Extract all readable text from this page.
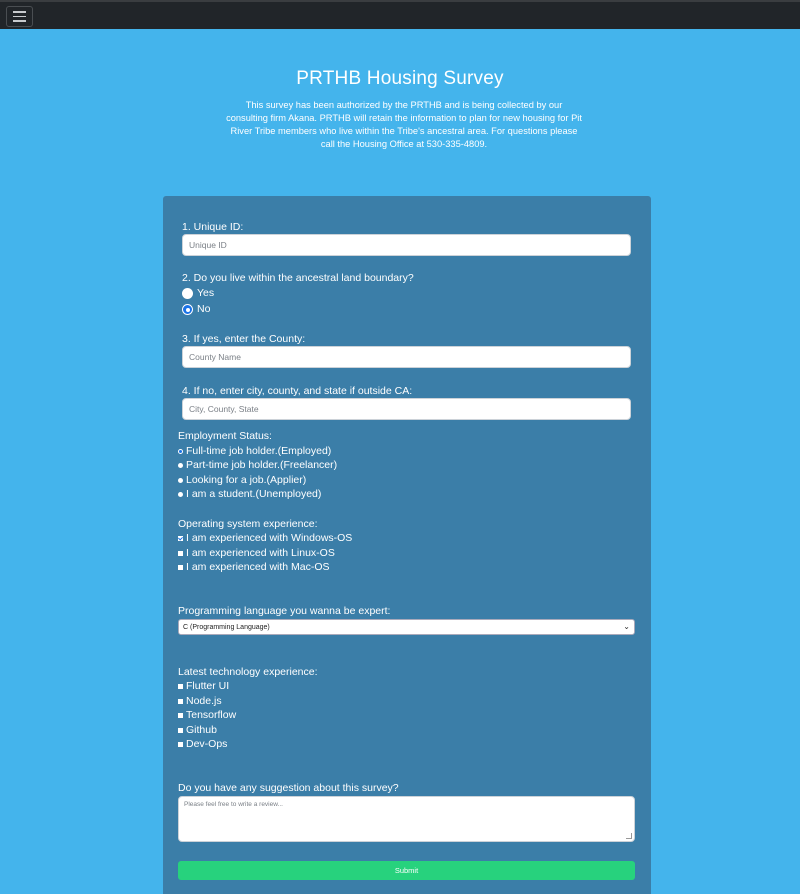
PRTHB Housing Survey

This survey has been authorized by the PRTHB and is being collected by our consulting firm Akana. PRTHB will retain the information to plan for new housing for Pit River Tribe members who live within the Tribe's ancestral area. For questions please call the Housing Office at 530-335-4809.

1. Unique ID:
Unique ID
2. Do you live within the ancestral land boundary?
Yes
No
3. If yes, enter the County:
County Name
4. If no, enter city, county, and state if outside CA:
City, County, State
Employment Status:
Full-time job holder.(Employed)
Part-time job holder.(Freelancer)
Looking for a job.(Applier)
I am a student.(Unemployed)
Operating system experience:
I am experienced with Windows-OS
I am experienced with Linux-OS
I am experienced with Mac-OS
Programming language you wanna be expert:
C (Programming Language)	⌄
Latest technology experience:
Flutter UI
Node.js
Tensorflow
Github
Dev-Ops
Do you have any suggestion about this survey?
Please feel free to write a review...
Submit
